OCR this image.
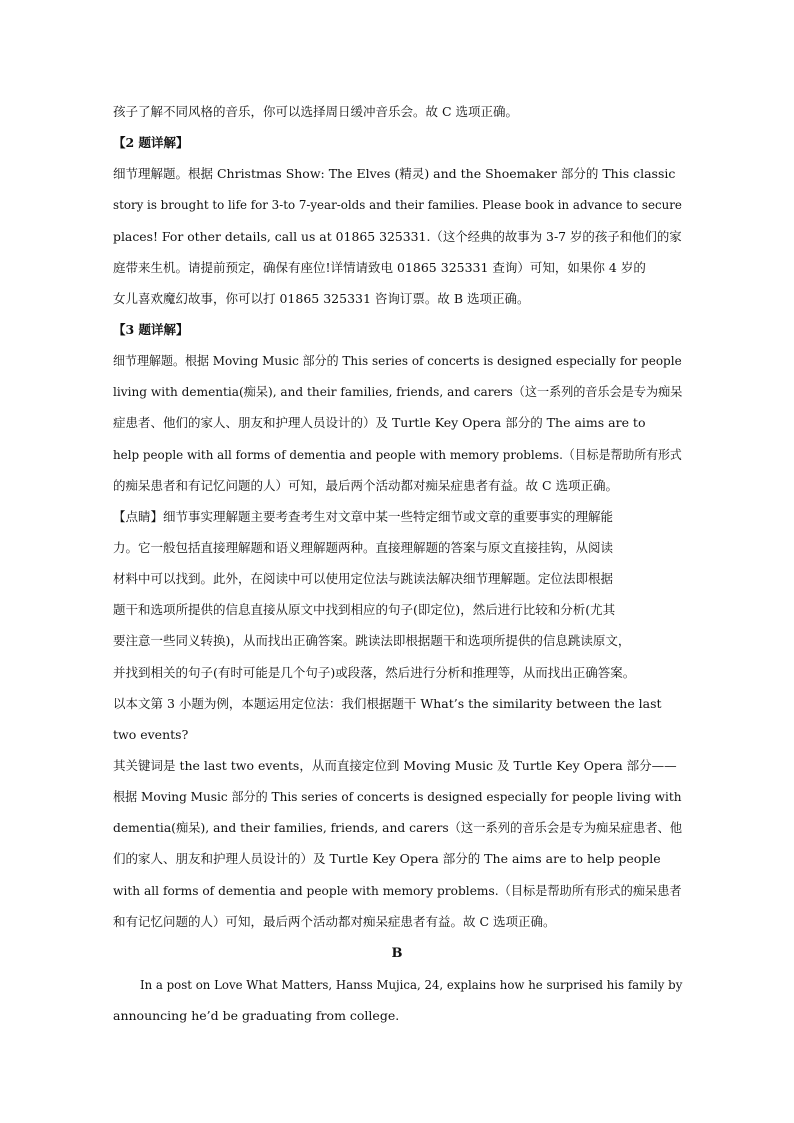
孩子了解不同风格的音乐，你可以选择周日缓冲音乐会。故 C 选项正确。
【2 题详解】
细节理解题。根据 Christmas Show: The Elves (精灵) and the Shoemaker 部分的 This classic
story is brought to life for 3-to 7-year-olds and their families. Please book in advance to secure
places! For other details, call us at 01865 325331.（这个经典的故事为 3-7 岁的孩子和他们的家
庭带来生机。请提前预定，确保有座位!详情请致电 01865 325331 查询）可知，如果你 4 岁的
女儿喜欢魔幻故事，你可以打 01865 325331 咨询订票。故 B 选项正确。
【3 题详解】
细节理解题。根据 Moving Music 部分的 This series of concerts is designed especially for people
living with dementia(痴呆), and their families, friends, and carers（这一系列的音乐会是专为痴呆
症患者、他们的家人、朋友和护理人员设计的）及 Turtle Key Opera 部分的 The aims are to
help people with all forms of dementia and people with memory problems.（目标是帮助所有形式
的痴呆患者和有记忆问题的人）可知，最后两个活动都对痴呆症患者有益。故 C 选项正确。
【点睛】细节事实理解题主要考查考生对文章中某一些特定细节或文章的重要事实的理解能
力。它一般包括直接理解题和语义理解题两种。直接理解题的答案与原文直接挂钩，从阅读
材料中可以找到。此外，在阅读中可以使用定位法与跳读法解决细节理解题。定位法即根据
题干和选项所提供的信息直接从原文中找到相应的句子(即定位)，然后进行比较和分析(尤其
要注意一些同义转换)，从而找出正确答案。跳读法即根据题干和选项所提供的信息跳读原文，
并找到相关的句子(有时可能是几个句子)或段落，然后进行分析和推理等，从而找出正确答案。
以本文第 3 小题为例，本题运用定位法：我们根据题干 What’s the similarity between the last
two events?
其关键词是 the last two events，从而直接定位到 Moving Music 及 Turtle Key Opera 部分——
根据 Moving Music 部分的 This series of concerts is designed especially for people living with
dementia(痴呆), and their families, friends, and carers（这一系列的音乐会是专为痴呆症患者、他
们的家人、朋友和护理人员设计的）及 Turtle Key Opera 部分的 The aims are to help people
with all forms of dementia and people with memory problems.（目标是帮助所有形式的痴呆患者
和有记忆问题的人）可知，最后两个活动都对痴呆症患者有益。故 C 选项正确。
B
In a post on Love What Matters, Hanss Mujica, 24, explains how he surprised his family by
announcing he’d be graduating from college.
